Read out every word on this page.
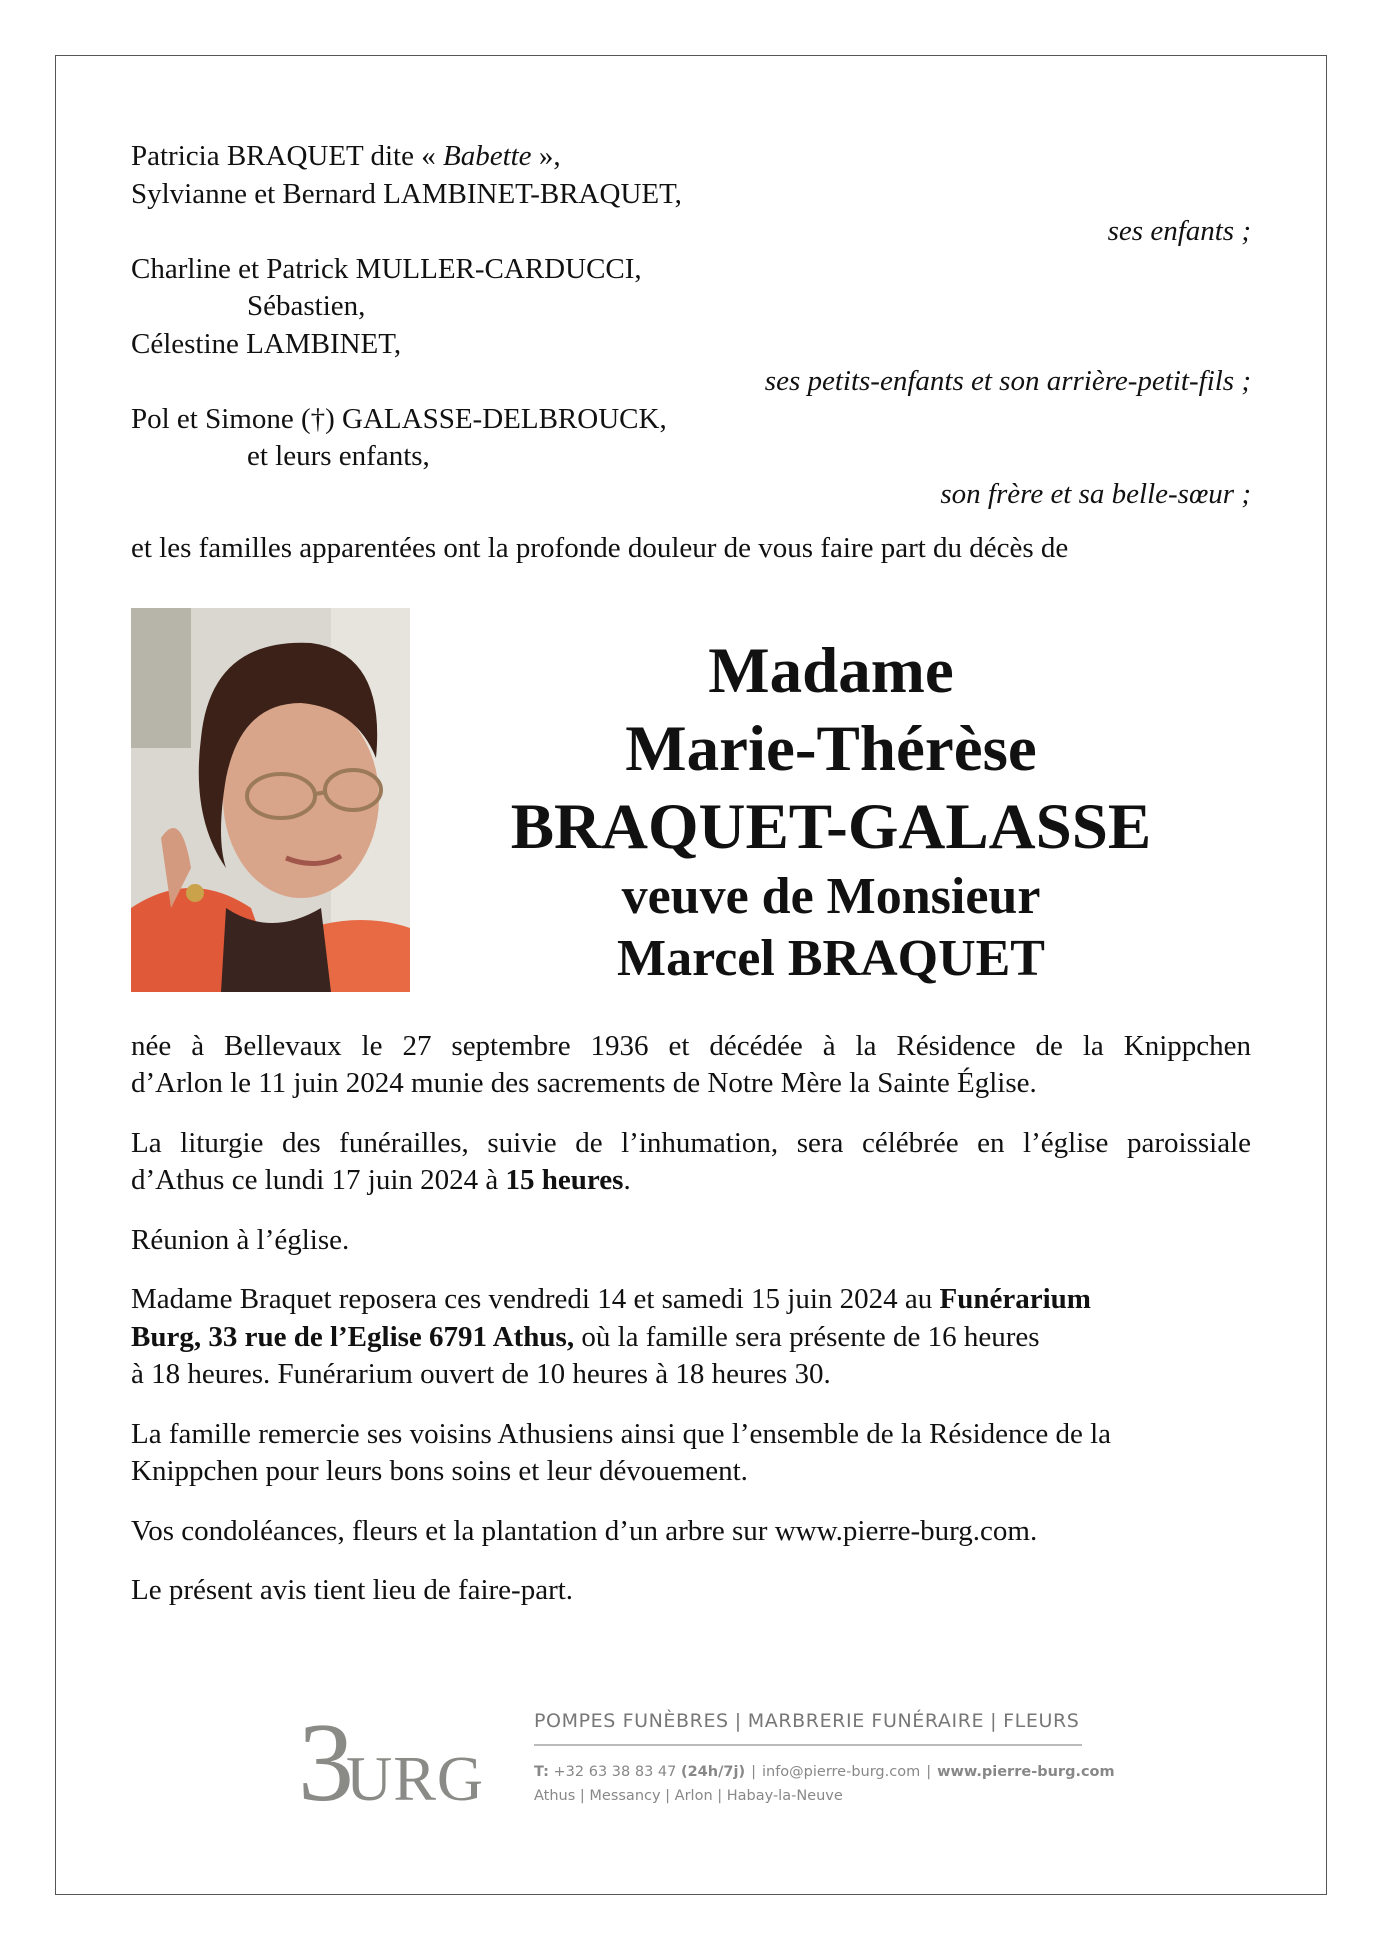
Patricia BRAQUET dite « Babette »,
Sylvianne et Bernard LAMBINET-BRAQUET,
ses enfants ;
Charline et Patrick MULLER-CARDUCCI,
Sébastien,
Célestine LAMBINET,
ses petits-enfants et son arrière-petit-fils ;
Pol et Simone (†) GALASSE-DELBROUCK,
et leurs enfants,
son frère et sa belle-sœur ;
et les familles apparentées ont la profonde douleur de vous faire part du décès de
Madame
Marie-Thérèse
BRAQUET-GALASSE
veuve de Monsieur
Marcel BRAQUET

née à Bellevaux le 27 septembre 1936 et décédée à la Résidence de la Knippchen

d’Arlon le 11 juin 2024 munie des sacrements de Notre Mère la Sainte Église.

La liturgie des funérailles, suivie de l’inhumation, sera célébrée en l’église paroissiale

d’Athus ce lundi 17 juin 2024 à 15 heures.

Réunion à l’église.

Madame Braquet reposera ces vendredi 14 et samedi 15 juin 2024 au Funérarium

Burg, 33 rue de l’Eglise 6791 Athus, où la famille sera présente de 16 heures

à 18 heures. Funérarium ouvert de 10 heures à 18 heures 30.

La famille remercie ses voisins Athusiens ainsi que l’ensemble de la Résidence de la

Knippchen pour leurs bons soins et leur dévouement.

Vos condoléances, fleurs et la plantation d’un arbre sur www.pierre-burg.com.

Le présent avis tient lieu de faire-part.

3
URG
POMPES FUNÈBRES | MARBRERIE FUNÉRAIRE | FLEURS
T: +32 63 38 83 47 (24h/7j) | info@pierre-burg.com | www.pierre-burg.com
Athus | Messancy | Arlon | Habay-la-Neuve
